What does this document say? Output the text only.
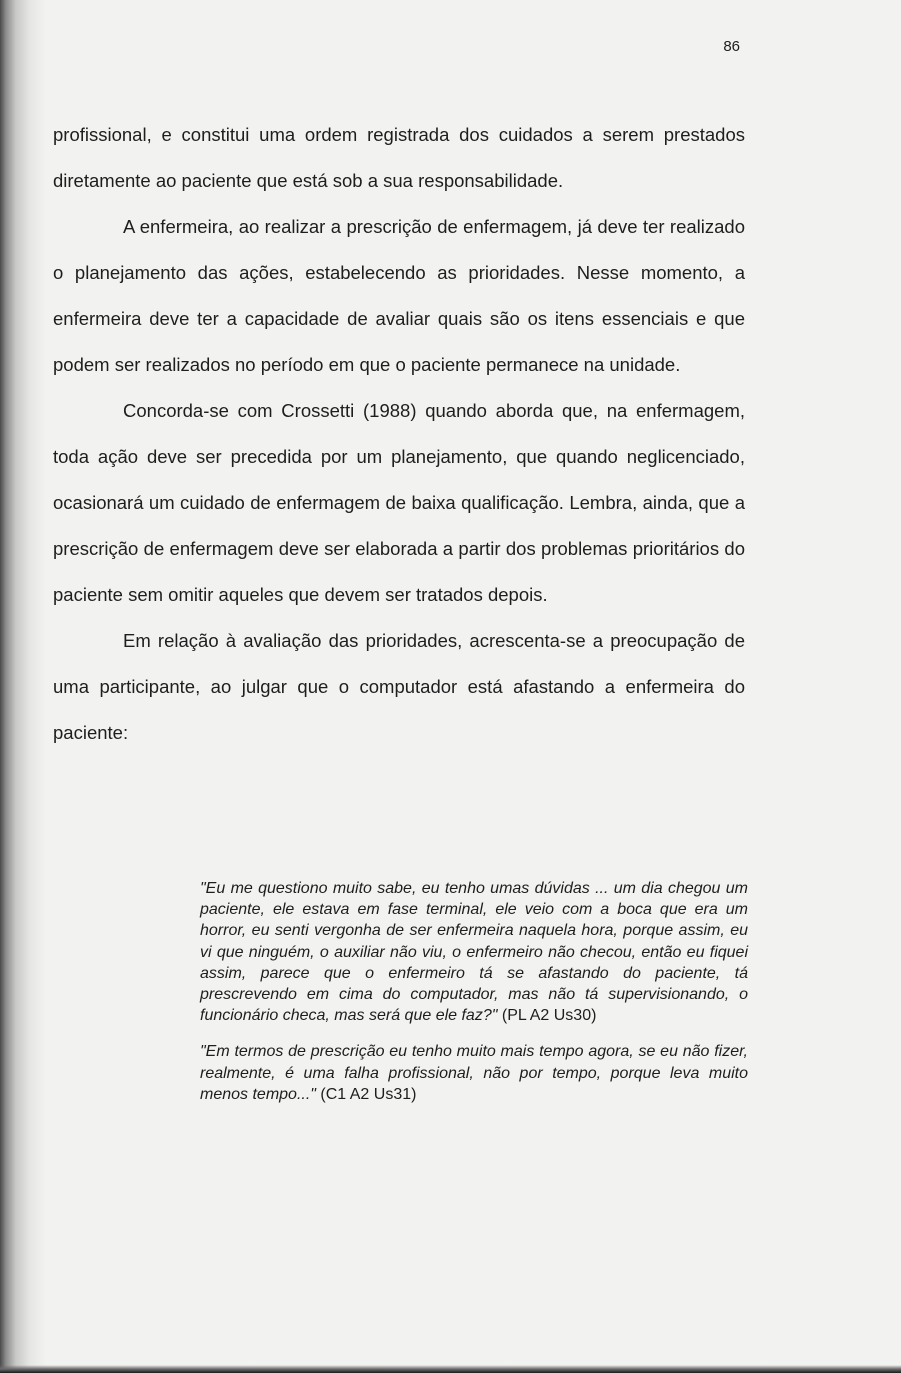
86

profissional, e constitui uma ordem registrada dos cuidados a serem prestados diretamente ao paciente que está sob a sua responsabilidade.

A enfermeira, ao realizar a prescrição de enfermagem, já deve ter realizado o planejamento das ações, estabelecendo as prioridades. Nesse momento, a enfermeira deve ter a capacidade de avaliar quais são os itens essenciais e que podem ser realizados no período em que o paciente permanece na unidade.

Concorda-se com Crossetti (1988) quando aborda que, na enfermagem, toda ação deve ser precedida por um planejamento, que quando neglicenciado, ocasionará um cuidado de enfermagem de baixa qualificação. Lembra, ainda, que a prescrição de enfermagem deve ser elaborada a partir dos problemas prioritários do paciente sem omitir aqueles que devem ser tratados depois.

Em relação à avaliação das prioridades, acrescenta-se a preocupação de uma participante, ao julgar que o computador está afastando a enfermeira do paciente:

"Eu me questiono muito sabe, eu tenho umas dúvidas ... um dia chegou um paciente, ele estava em fase terminal, ele veio com a boca que era um horror, eu senti vergonha de ser enfermeira naquela hora, porque assim, eu vi que ninguém, o auxiliar não viu, o enfermeiro não checou, então eu fiquei assim, parece que o enfermeiro tá se afastando do paciente, tá prescrevendo em cima do computador, mas não tá supervisionando, o funcionário checa, mas será que ele faz?" (PL A2 Us30)

"Em termos de prescrição eu tenho muito mais tempo agora, se eu não fizer, realmente, é uma falha profissional, não por tempo, porque leva muito menos tempo..." (C1 A2 Us31)
